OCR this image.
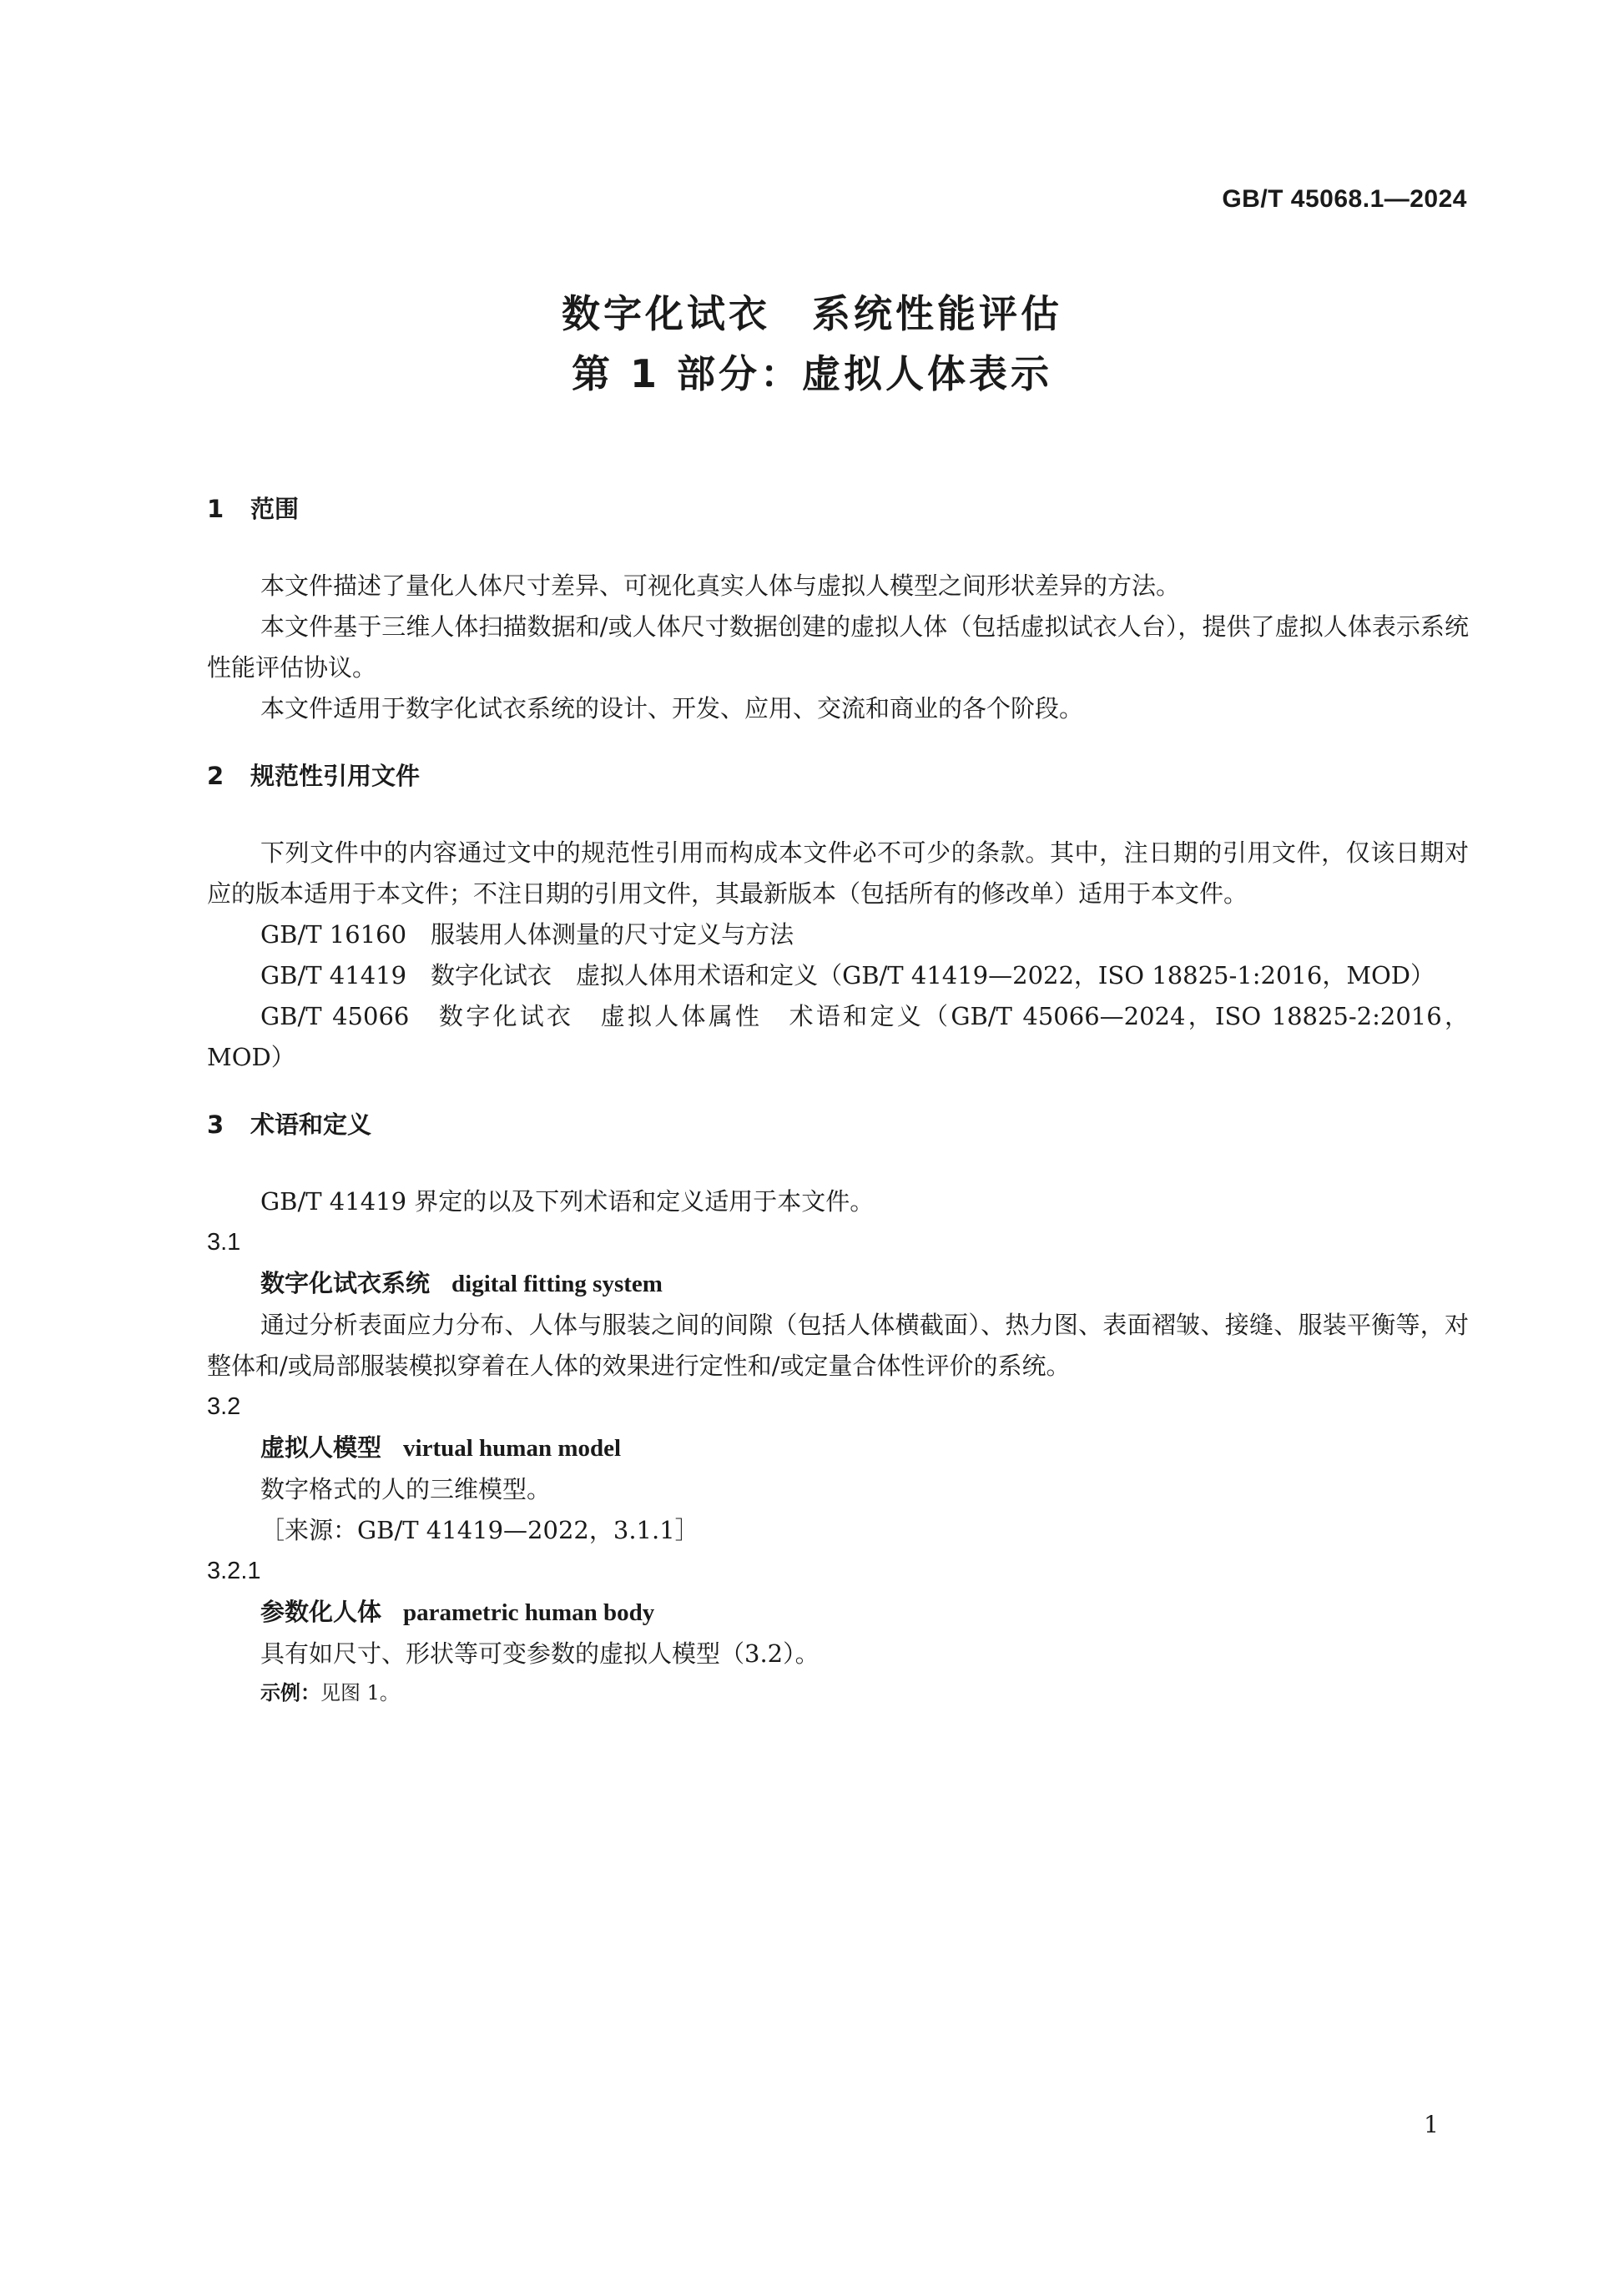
GB/T 45068.1—2024
数字化试衣　系统性能评估
第 1 部分：虚拟人体表示
1 范围

本文件描述了量化人体尺寸差异、可视化真实人体与虚拟人模型之间形状差异的方法。

本文件基于三维人体扫描数据和/或人体尺寸数据创建的虚拟人体（包括虚拟试衣人台），提供了虚拟人体表示系统性能评估协议。

本文件适用于数字化试衣系统的设计、开发、应用、交流和商业的各个阶段。

2 规范性引用文件

下列文件中的内容通过文中的规范性引用而构成本文件必不可少的条款。其中，注日期的引用文件，仅该日期对应的版本适用于本文件；不注日期的引用文件，其最新版本（包括所有的修改单）适用于本文件。

GB/T 16160　服装用人体测量的尺寸定义与方法

GB/T 41419　数字化试衣　虚拟人体用术语和定义（GB/T 41419—2022，ISO 18825-1:2016，MOD）

GB/T 45066　数字化试衣　虚拟人体属性　术语和定义（GB/T 45066—2024，ISO 18825-2:2016，MOD）

3 术语和定义

GB/T 41419 界定的以及下列术语和定义适用于本文件。

3.1

数字化试衣系统 digital fitting system

通过分析表面应力分布、人体与服装之间的间隙（包括人体横截面）、热力图、表面褶皱、接缝、服装平衡等，对整体和/或局部服装模拟穿着在人体的效果进行定性和/或定量合体性评价的系统。

3.2

虚拟人模型 virtual human model

数字格式的人的三维模型。

［来源：GB/T 41419—2022，3.1.1］

3.2.1

参数化人体 parametric human body

具有如尺寸、形状等可变参数的虚拟人模型（3.2）。

示例：见图 1。

1
